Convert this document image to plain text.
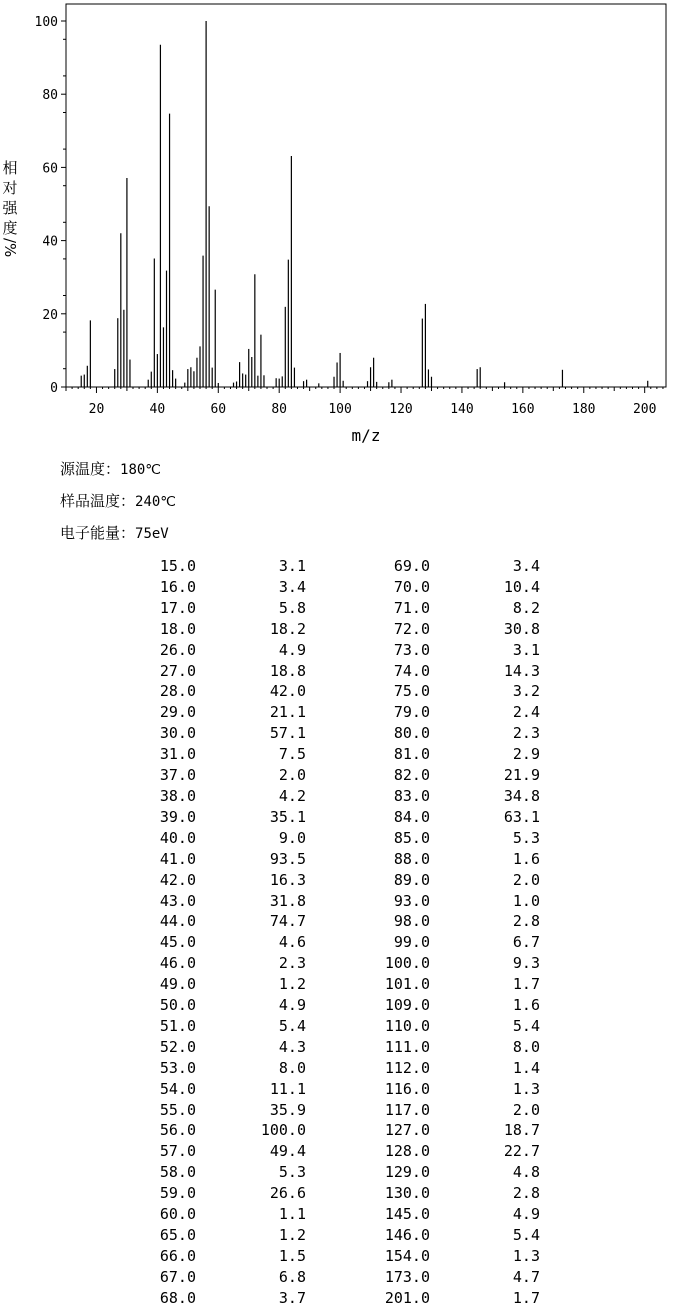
0
20
40
60
80
100
20	40	60	80	100	120	140	160	180	200
m/z
相
对
强
度
/
%
源温度：180℃
样品温度：240℃
电子能量：75eV
15.0	3.1	69.0	3.4
16.0	3.4	70.0	10.4
17.0	5.8	71.0	8.2
18.0	18.2	72.0	30.8
26.0	4.9	73.0	3.1
27.0	18.8	74.0	14.3
28.0	42.0	75.0	3.2
29.0	21.1	79.0	2.4
30.0	57.1	80.0	2.3
31.0	7.5	81.0	2.9
37.0	2.0	82.0	21.9
38.0	4.2	83.0	34.8
39.0	35.1	84.0	63.1
40.0	9.0	85.0	5.3
41.0	93.5	88.0	1.6
42.0	16.3	89.0	2.0
43.0	31.8	93.0	1.0
44.0	74.7	98.0	2.8
45.0	4.6	99.0	6.7
46.0	2.3	100.0	9.3
49.0	1.2	101.0	1.7
50.0	4.9	109.0	1.6
51.0	5.4	110.0	5.4
52.0	4.3	111.0	8.0
53.0	8.0	112.0	1.4
54.0	11.1	116.0	1.3
55.0	35.9	117.0	2.0
56.0	100.0	127.0	18.7
57.0	49.4	128.0	22.7
58.0	5.3	129.0	4.8
59.0	26.6	130.0	2.8
60.0	1.1	145.0	4.9
65.0	1.2	146.0	5.4
66.0	1.5	154.0	1.3
67.0	6.8	173.0	4.7
68.0	3.7	201.0	1.7
